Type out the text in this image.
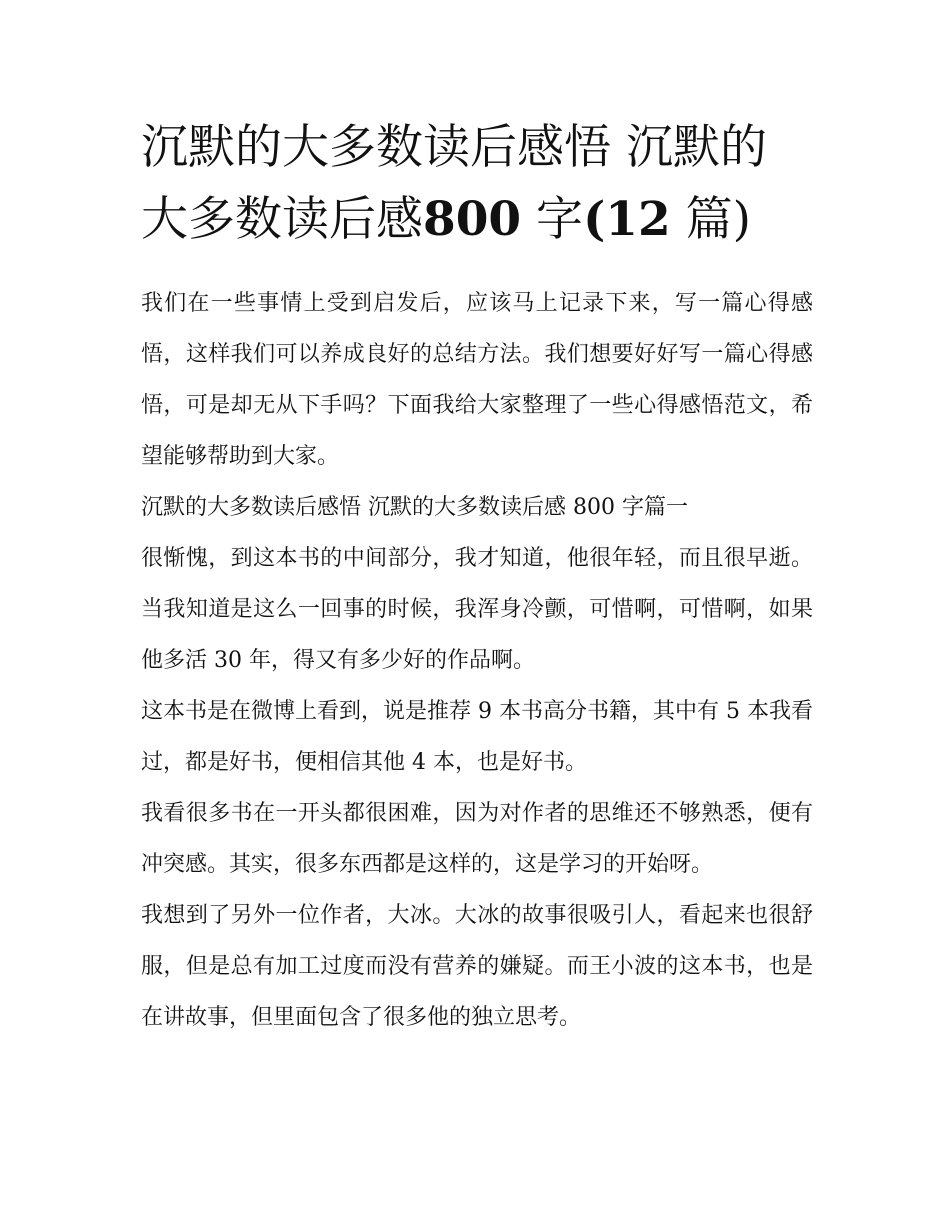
沉默的大多数读后感悟 沉默的大多数读后感800 字(12 篇)

我们在一些事情上受到启发后，应该马上记录下来，写一篇心得感悟，这样我们可以养成良好的总结方法。我们想要好好写一篇心得感悟，可是却无从下手吗？下面我给大家整理了一些心得感悟范文，希望能够帮助到大家。

沉默的大多数读后感悟 沉默的大多数读后感 800 字篇一

很惭愧，到这本书的中间部分，我才知道，他很年轻，而且很早逝。当我知道是这么一回事的时候，我浑身冷颤，可惜啊，可惜啊，如果他多活 30 年，得又有多少好的作品啊。

这本书是在微博上看到，说是推荐 9 本书高分书籍，其中有 5 本我看过，都是好书，便相信其他 4 本，也是好书。

我看很多书在一开头都很困难，因为对作者的思维还不够熟悉，便有冲突感。其实，很多东西都是这样的，这是学习的开始呀。

我想到了另外一位作者，大冰。大冰的故事很吸引人，看起来也很舒服，但是总有加工过度而没有营养的嫌疑。而王小波的这本书，也是在讲故事，但里面包含了很多他的独立思考。
